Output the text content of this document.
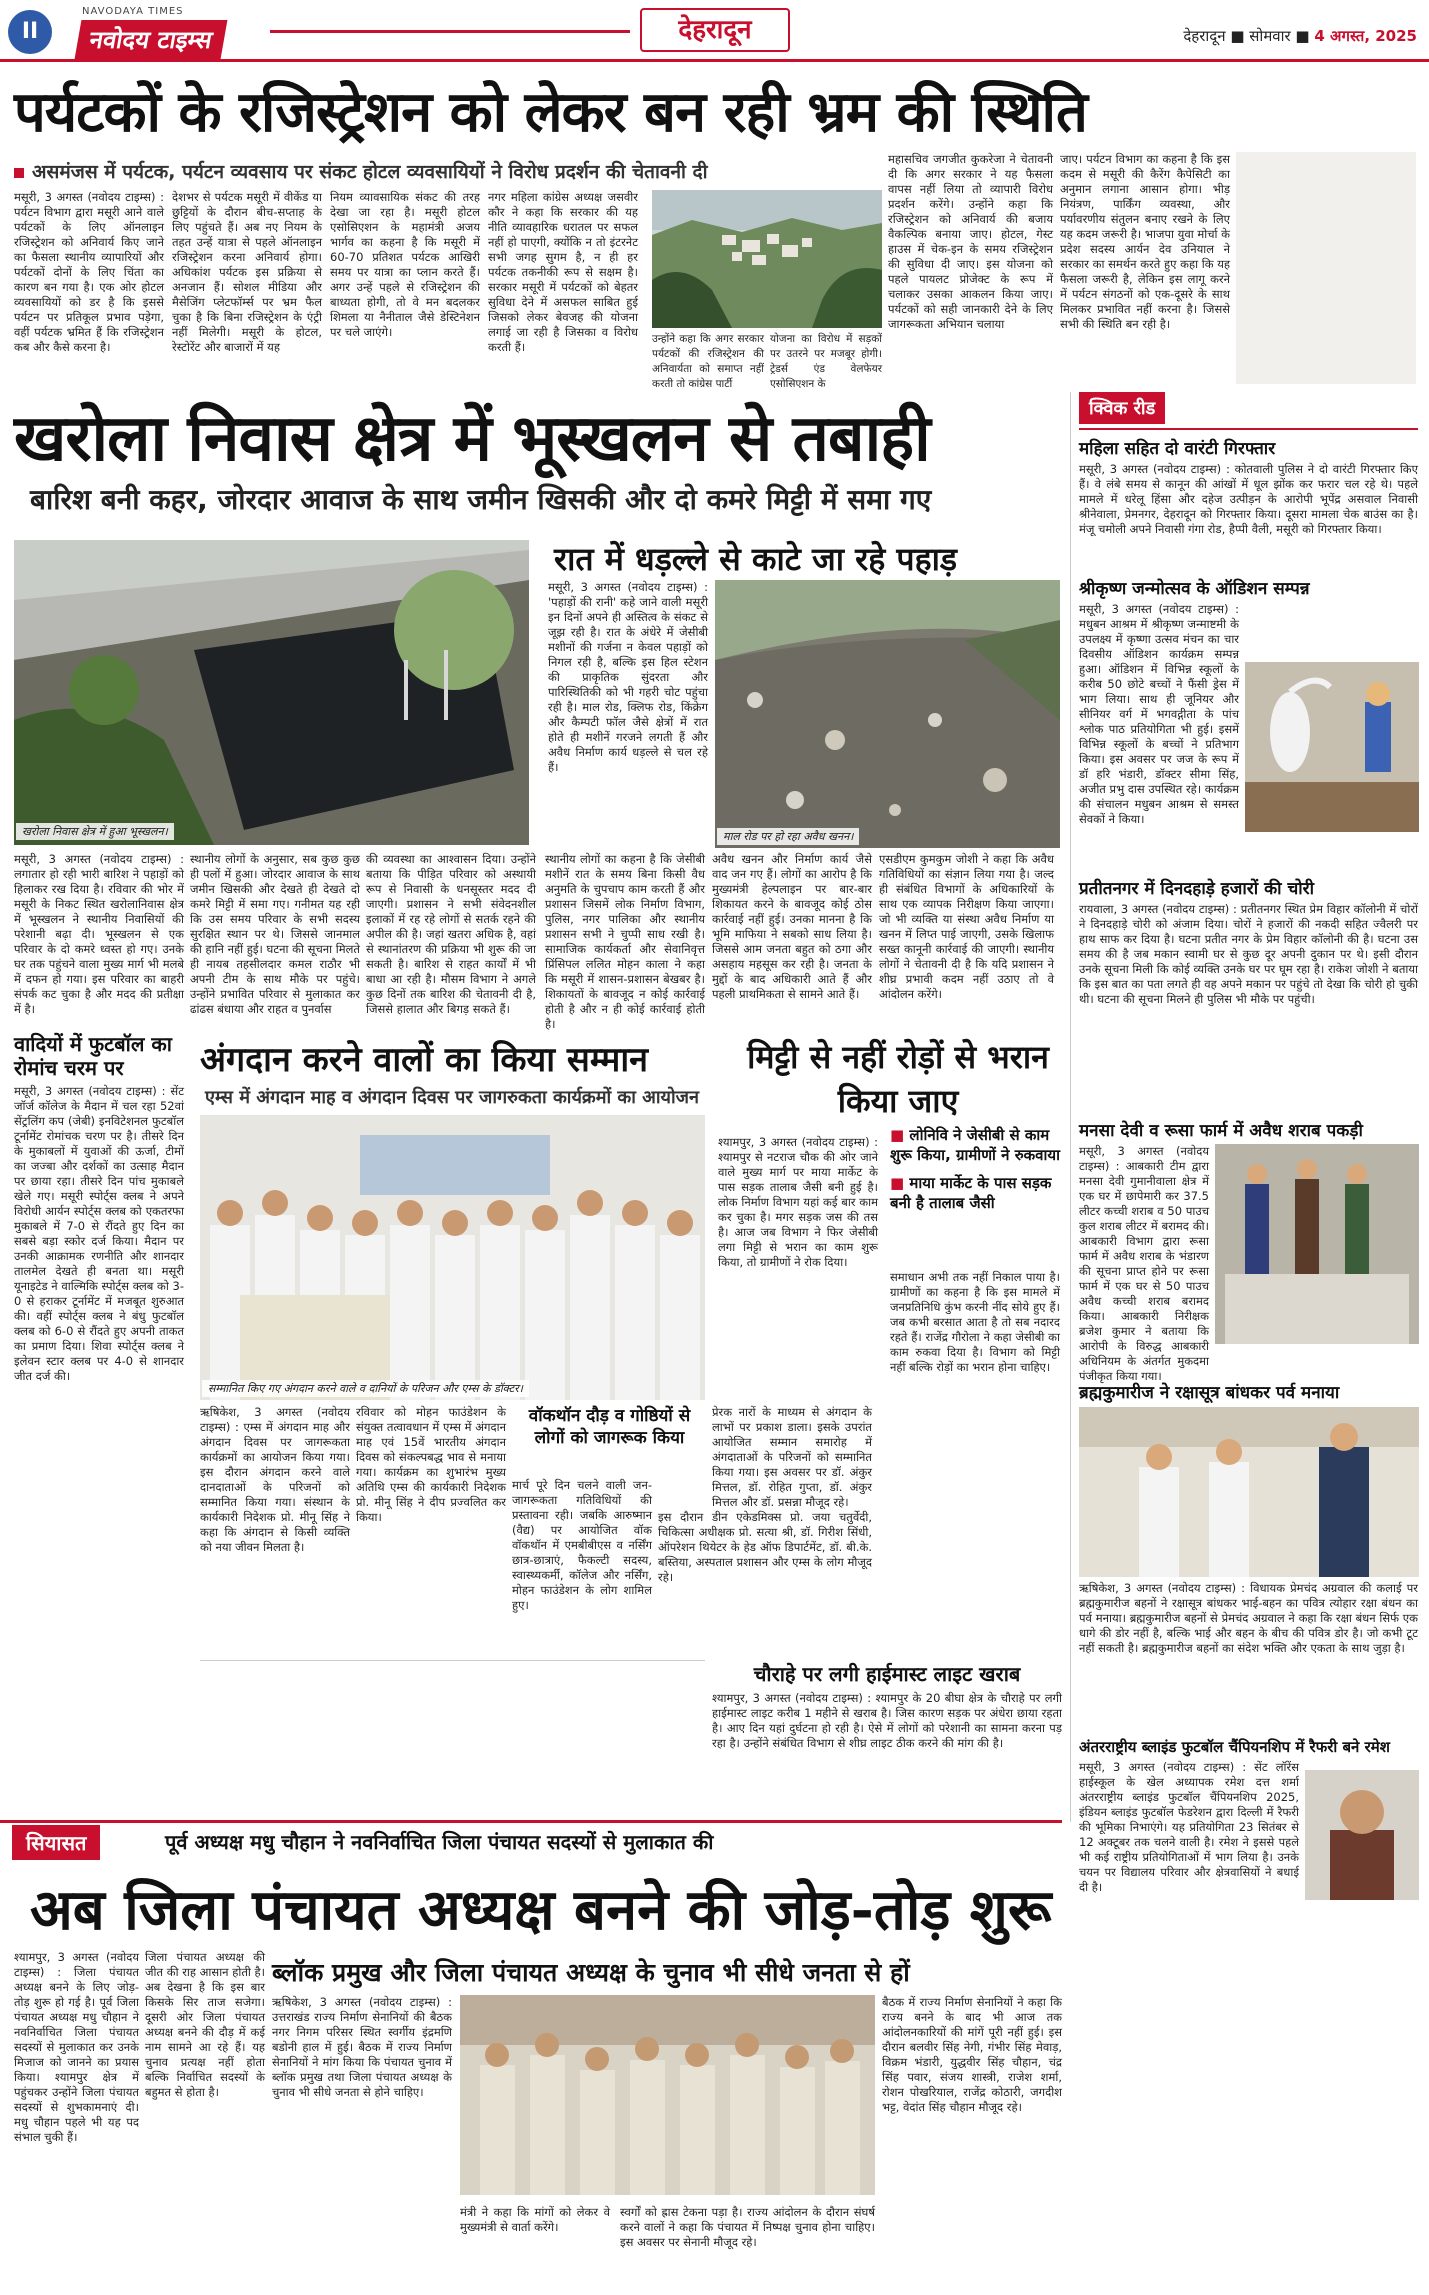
II
NAVODAYA TIMES
नवोदय टाइम्स	देहरादून	देहरादून ■ सोमवार ■ 4 अगस्त, 2025
पर्यटकों के रजिस्ट्रेशन को लेकर बन रही भ्रम की स्थिति
असमंजस में पर्यटक, पर्यटन व्यवसाय पर संकट होटल व्यवसायियों ने विरोध प्रदर्शन की चेतावनी दी
मसूरी, 3 अगस्त (नवोदय टाइम्स) : पर्यटन विभाग द्वारा मसूरी आने वाले पर्यटकों के लिए ऑनलाइन रजिस्ट्रेशन को अनिवार्य किए जाने का फैसला स्थानीय व्यापारियों और पर्यटकों दोनों के लिए चिंता का कारण बन गया है। एक ओर होटल व्यवसायियों को डर है कि इससे पर्यटन पर प्रतिकूल प्रभाव पड़ेगा, वहीं पर्यटक भ्रमित हैं कि रजिस्ट्रेशन कब और कैसे करना है।
देशभर से पर्यटक मसूरी में वीकेंड या छुट्टियों के दौरान बीच-सप्ताह के लिए पहुंचते हैं। अब नए नियम के तहत उन्हें यात्रा से पहले ऑनलाइन रजिस्ट्रेशन करना अनिवार्य होगा। अधिकांश पर्यटक इस प्रक्रिया से अनजान हैं। सोशल मीडिया और मैसेजिंग प्लेटफॉर्म्स पर भ्रम फैल चुका है कि बिना रजिस्ट्रेशन के एंट्री नहीं मिलेगी। मसूरी के होटल, रेस्टोरेंट और बाजारों में यह
नियम व्यावसायिक संकट की तरह देखा जा रहा है। मसूरी होटल एसोसिएशन के महामंत्री अजय भार्गव का कहना है कि मसूरी में 60-70 प्रतिशत पर्यटक आखिरी समय पर यात्रा का प्लान करते हैं। अगर उन्हें पहले से रजिस्ट्रेशन की बाध्यता होगी, तो वे मन बदलकर शिमला या नैनीताल जैसे डेस्टिनेशन पर चले जाएंगे।
नगर महिला कांग्रेस अध्यक्ष जसवीर कौर ने कहा कि सरकार की यह नीति व्यावहारिक धरातल पर सफल नहीं हो पाएगी, क्योंकि न तो इंटरनेट सभी जगह सुगम है, न ही हर पर्यटक तकनीकी रूप से सक्षम है। सरकार मसूरी में पर्यटकों को बेहतर सुविधा देने में असफल साबित हुई जिसको लेकर बेवजह की योजना लगाई जा रही है जिसका व विरोध करती हैं।
उन्होंने कहा कि अगर सरकार पर्यटकों की रजिस्ट्रेशन की अनिवार्यता को समाप्त नहीं करती तो कांग्रेस पार्टी
योजना का विरोध में सड़कों पर उतरने पर मजबूर होगी। ट्रेडर्स एंड वेलफेयर एसोसिएशन के
महासचिव जगजीत कुकरेजा ने चेतावनी दी कि अगर सरकार ने यह फैसला वापस नहीं लिया तो व्यापारी विरोध प्रदर्शन करेंगे। उन्होंने कहा कि रजिस्ट्रेशन को अनिवार्य की बजाय वैकल्पिक बनाया जाए। होटल, गेस्ट हाउस में चेक-इन के समय रजिस्ट्रेशन की सुविधा दी जाए। इस योजना को पहले पायलट प्रोजेक्ट के रूप में चलाकर उसका आकलन किया जाए। पर्यटकों को सही जानकारी देने के लिए जागरूकता अभियान चलाया
जाए। पर्यटन विभाग का कहना है कि इस कदम से मसूरी की कैरेंग कैपेसिटी का अनुमान लगाना आसान होगा। भीड़ नियंत्रण, पार्किंग व्यवस्था, और पर्यावरणीय संतुलन बनाए रखने के लिए यह कदम जरूरी है। भाजपा युवा मोर्चा के प्रदेश सदस्य आर्यन देव उनियाल ने सरकार का समर्थन करते हुए कहा कि यह फैसला जरूरी है, लेकिन इस लागू करने में पर्यटन संगठनों को एक-दूसरे के साथ मिलकर प्रभावित नहीं करना है। जिससे सभी की स्थिति बन रही है।
खरोला निवास क्षेत्र में भूस्खलन से तबाही
बारिश बनी कहर, जोरदार आवाज के साथ जमीन खिसकी और दो कमरे मिट्टी में समा गए
खरोला निवास क्षेत्र में हुआ भूस्खलन।
रात में धड़ल्ले से काटे जा रहे पहाड़
मसूरी, 3 अगस्त (नवोदय टाइम्स) : 'पहाड़ों की रानी' कहे जाने वाली मसूरी इन दिनों अपने ही अस्तित्व के संकट से जूझ रही है। रात के अंधेरे में जेसीबी मशीनों की गर्जना न केवल पहाड़ों को निगल रही है, बल्कि इस हिल स्टेशन की प्राकृतिक सुंदरता और पारिस्थितिकी को भी गहरी चोट पहुंचा रही है। माल रोड, क्लिफ रोड, किंक्रेग और कैम्पटी फॉल जैसे क्षेत्रों में रात होते ही मशीनें गरजने लगती हैं और अवैध निर्माण कार्य धड़ल्ले से चल रहे हैं।
माल रोड पर हो रहा अवैध खनन।
मसूरी, 3 अगस्त (नवोदय टाइम्स) : लगातार हो रही भारी बारिश ने पहाड़ों को हिलाकर रख दिया है। रविवार की भोर में मसूरी के निकट स्थित खरोलानिवास क्षेत्र में भूस्खलन ने स्थानीय निवासियों की परेशानी बढ़ा दी। भूस्खलन से एक परिवार के दो कमरे ध्वस्त हो गए। उनके घर तक पहुंचने वाला मुख्य मार्ग भी मलबे में दफन हो गया। इस परिवार का बाहरी संपर्क कट चुका है और मदद की प्रतीक्षा में है।
स्थानीय लोगों के अनुसार, सब कुछ कुछ ही पलों में हुआ। जोरदार आवाज के साथ जमीन खिसकी और देखते ही देखते दो कमरे मिट्टी में समा गए। गनीमत यह रही कि उस समय परिवार के सभी सदस्य सुरक्षित स्थान पर थे। जिससे जानमाल की हानि नहीं हुई। घटना की सूचना मिलते ही नायब तहसीलदार कमल राठौर भी अपनी टीम के साथ मौके पर पहुंचे। उन्होंने प्रभावित परिवार से मुलाकात कर ढांढस बंधाया और राहत व पुनर्वास
की व्यवस्था का आश्वासन दिया। उन्होंने बताया कि पीड़ित परिवार को अस्थायी रूप से निवासी के धनसूस्तर मदद दी जाएगी। प्रशासन ने सभी संवेदनशील इलाकों में रह रहे लोगों से सतर्क रहने की अपील की है। जहां खतरा अधिक है, वहां से स्थानांतरण की प्रक्रिया भी शुरू की जा सकती है। बारिश से राहत कार्यों में भी बाधा आ रही है। मौसम विभाग ने अगले कुछ दिनों तक बारिश की चेतावनी दी है, जिससे हालात और बिगड़ सकते हैं।
स्थानीय लोगों का कहना है कि जेसीबी मशीनें रात के समय बिना किसी वैध अनुमति के चुपचाप काम करती हैं और प्रशासन जिसमें लोक निर्माण विभाग, पुलिस, नगर पालिका और स्थानीय प्रशासन सभी ने चुप्पी साध रखी है। सामाजिक कार्यकर्ता और सेवानिवृत्त प्रिंसिपल ललित मोहन काला ने कहा कि मसूरी में शासन-प्रशासन बेखबर है। शिकायतों के बावजूद न कोई कार्रवाई होती है और न ही कोई कार्रवाई होती है।
अवैध खनन और निर्माण कार्य जैसे वाद जन गए हैं। लोगों का आरोप है कि मुख्यमंत्री हेल्पलाइन पर बार-बार शिकायत करने के बावजूद कोई ठोस कार्रवाई नहीं हुई। उनका मानना है कि भूमि माफिया ने सबको साध लिया है। जिससे आम जनता बहुत को ठगा और असहाय महसूस कर रही है। जनता के मुद्दों के बाद अधिकारी आते हैं और पहली प्राथमिकता से सामने आते हैं।
एसडीएम कुमकुम जोशी ने कहा कि अवैध गतिविधियों का संज्ञान लिया गया है। जल्द ही संबंधित विभागों के अधिकारियों के साथ एक व्यापक निरीक्षण किया जाएगा। जो भी व्यक्ति या संस्था अवैध निर्माण या खनन में लिप्त पाई जाएगी, उसके खिलाफ सख्त कानूनी कार्रवाई की जाएगी। स्थानीय लोगों ने चेतावनी दी है कि यदि प्रशासन ने शीघ्र प्रभावी कदम नहीं उठाए तो वे आंदोलन करेंगे।
क्विक रीड
महिला सहित दो वारंटी गिरफ्तार
मसूरी, 3 अगस्त (नवोदय टाइम्स) : कोतवाली पुलिस ने दो वारंटी गिरफ्तार किए हैं। वे लंबे समय से कानून की आंखों में धूल झोंक कर फरार चल रहे थे। पहले मामले में धरेलू हिंसा और दहेज उत्पीड़न के आरोपी भूपेंद्र असवाल निवासी श्रीनेवाला, प्रेमनगर, देहरादून को गिरफ्तार किया। दूसरा मामला चेक बाउंस का है। मंजू चमोली अपने निवासी गंगा रोड, हैप्पी वैली, मसूरी को गिरफ्तार किया।
श्रीकृष्ण जन्मोत्सव के ऑडिशन सम्पन्न
मसूरी, 3 अगस्त (नवोदय टाइम्स) : मधुबन आश्रम में श्रीकृष्ण जन्माष्टमी के उपलक्ष्य में कृष्णा उत्सव मंचन का चार दिवसीय ऑडिशन कार्यक्रम सम्पन्न हुआ। ऑडिशन में विभिन्न स्कूलों के करीब 50 छोटे बच्चों ने फैंसी ड्रेस में भाग लिया। साथ ही जूनियर और सीनियर वर्ग में भगवद्गीता के पांच श्लोक पाठ प्रतियोगिता भी हुई। इसमें विभिन्न स्कूलों के बच्चों ने प्रतिभाग किया। इस अवसर पर जज के रूप में डॉ हरि भंडारी, डॉक्टर सीमा सिंह, अजीत प्रभु दास उपस्थित रहे। कार्यक्रम की संचालन मधुबन आश्रम से समस्त सेवकों ने किया।
प्रतीतनगर में दिनदहाड़े हजारों की चोरी
रायवाला, 3 अगस्त (नवोदय टाइम्स) : प्रतीतनगर स्थित प्रेम विहार कॉलोनी में चोरों ने दिनदहाड़े चोरी को अंजाम दिया। चोरों ने हजारों की नकदी सहित ज्वैलरी पर हाथ साफ कर दिया है। घटना प्रतीत नगर के प्रेम विहार कॉलोनी की है। घटना उस समय की है जब मकान स्वामी घर से कुछ दूर अपनी दुकान पर थे। इसी दौरान उनके सूचना मिली कि कोई व्यक्ति उनके घर पर घूम रहा है। राकेश जोशी ने बताया कि इस बात का पता लगते ही वह अपने मकान पर पहुंचे तो देखा कि चोरी हो चुकी थी। घटना की सूचना मिलने ही पुलिस भी मौके पर पहुंची।
मनसा देवी व रूसा फार्म में अवैध शराब पकड़ी
मसूरी, 3 अगस्त (नवोदय टाइम्स) : आबकारी टीम द्वारा मनसा देवी गुमानीवाला क्षेत्र में एक घर में छापेमारी कर 37.5 लीटर कच्ची शराब व 50 पाउच कुल शराब लीटर में बरामद की। आबकारी विभाग द्वारा रूसा फार्म में अवैध शराब के भंडारण की सूचना प्राप्त होने पर रूसा फार्म में एक घर से 50 पाउच अवैध कच्ची शराब बरामद किया। आबकारी निरीक्षक ब्रजेश कुमार ने बताया कि आरोपी के विरुद्ध आबकारी अधिनियम के अंतर्गत मुकदमा पंजीकृत किया गया।
ब्रह्मकुमारीज ने रक्षासूत्र बांधकर पर्व मनाया
ऋषिकेश, 3 अगस्त (नवोदय टाइम्स) : विधायक प्रेमचंद अग्रवाल की कलाई पर ब्रह्मकुमारीज बहनों ने रक्षासूत्र बांधकर भाई-बहन का पवित्र त्योहार रक्षा बंधन का पर्व मनाया। ब्रह्मकुमारीज बहनों से प्रेमचंद अग्रवाल ने कहा कि रक्षा बंधन सिर्फ एक धागे की डोर नहीं है, बल्कि भाई और बहन के बीच की पवित्र डोर है। जो कभी टूट नहीं सकती है। ब्रह्मकुमारीज बहनों का संदेश भक्ति और एकता के साथ जुड़ा है।
अंतरराष्ट्रीय ब्लाइंड फुटबॉल चैंपियनशिप में रैफरी बने रमेश
मसूरी, 3 अगस्त (नवोदय टाइम्स) : सेंट लॉरेंस हाईस्कूल के खेल अध्यापक रमेश दत्त शर्मा अंतरराष्ट्रीय ब्लाइंड फुटबॉल चैंपियनशिप 2025, इंडियन ब्लाइंड फुटबॉल फेडरेशन द्वारा दिल्ली में रैफरी की भूमिका निभाएंगे। यह प्रतियोगिता 23 सितंबर से 12 अक्टूबर तक चलने वाली है। रमेश ने इससे पहले भी कई राष्ट्रीय प्रतियोगिताओं में भाग लिया है। उनके चयन पर विद्यालय परिवार और क्षेत्रवासियों ने बधाई दी है।
वादियों में फुटबॉल का रोमांच चरम पर
मसूरी, 3 अगस्त (नवोदय टाइम्स) : सेंट जॉर्ज कॉलेज के मैदान में चल रहा 52वां सेंट्रलिंग कप (जेबी) इनविटेशनल फुटबॉल टूर्नामेंट रोमांचक चरण पर है। तीसरे दिन के मुकाबलों में युवाओं की ऊर्जा, टीमों का जज्बा और दर्शकों का उत्साह मैदान पर छाया रहा। तीसरे दिन पांच मुकाबले खेले गए। मसूरी स्पोर्ट्स क्लब ने अपने विरोधी आर्यन स्पोर्ट्स क्लब को एकतरफा मुकाबले में 7-0 से रौंदते हुए दिन का सबसे बड़ा स्कोर दर्ज किया। मैदान पर उनकी आक्रामक रणनीति और शानदार तालमेल देखते ही बनता था। मसूरी यूनाइटेड ने वाल्मिकि स्पोर्ट्स क्लब को 3-0 से हराकर टूर्नामेंट में मजबूत शुरुआत की। वहीं स्पोर्ट्स क्लब ने बंधु फुटबॉल क्लब को 6-0 से रौंदते हुए अपनी ताकत का प्रमाण दिया। शिवा स्पोर्ट्स क्लब ने इलेवन स्टार क्लब पर 4-0 से शानदार जीत दर्ज की।
अंगदान करने वालों का किया सम्मान
एम्स में अंगदान माह व अंगदान दिवस पर जागरुकता कार्यक्रमों का आयोजन
सम्मानित किए गए अंगदान करने वाले व दानियों के परिजन और एम्स के डॉक्टर।
ऋषिकेश, 3 अगस्त (नवोदय टाइम्स) : एम्स में अंगदान माह और अंगदान दिवस पर जागरूकता कार्यक्रमों का आयोजन किया गया। इस दौरान अंगदान करने वाले दानदाताओं के परिजनों को सम्मानित किया गया। संस्थान के कार्यकारी निदेशक प्रो. मीनू सिंह ने कहा कि अंगदान से किसी व्यक्ति को नया जीवन मिलता है।
रविवार को मोहन फाउंडेशन के संयुक्त तत्वावधान में एम्स में अंगदान माह एवं 15वें भारतीय अंगदान दिवस को संकल्पबद्ध भाव से मनाया गया। कार्यक्रम का शुभारंभ मुख्य अतिथि एम्स की कार्यकारी निदेशक प्रो. मीनू सिंह ने दीप प्रज्वलित कर किया।
वॉकथॉन दौड़ व गोष्ठियों से लोगों को जागरूक किया
मार्च पूरे दिन चलने वाली जन-जागरूकता गतिविधियों की प्रस्तावना रही। जबकि आरुष्मान (वैद्य) पर आयोजित वॉक वॉकथॉन में एमबीबीएस व नर्सिंग छात्र-छात्राएं, फैकल्टी सदस्य, स्वास्थ्यकर्मी, कॉलेज और नर्सिंग, मोहन फाउंडेशन के लोग शामिल हुए।
प्रेरक नारों के माध्यम से अंगदान के लाभों पर प्रकाश डाला। इसके उपरांत आयोजित सम्मान समारोह में अंगदाताओं के परिजनों को सम्मानित किया गया। इस अवसर पर डॉ. अंकुर मित्तल, डॉ. रोहित गुप्ता, डॉ. अंकुर मित्तल और डॉ. प्रसन्ना मौजूद रहे।
इस दौरान डीन एकेडमिक्स प्रो. जया चतुर्वेदी, चिकित्सा अधीक्षक प्रो. सत्या श्री, डॉ. गिरीश सिंधी, ऑपरेशन थियेटर के हेड ऑफ डिपार्टमेंट, डॉ. बी.के. बस्तिया, अस्पताल प्रशासन और एम्स के लोग मौजूद रहे।
मिट्टी से नहीं रोड़ों से भरान किया जाए
श्यामपुर, 3 अगस्त (नवोदय टाइम्स) : श्यामपुर से नटराज चौक की ओर जाने वाले मुख्य मार्ग पर माया मार्केट के पास सड़क तालाब जैसी बनी हुई है। लोक निर्माण विभाग यहां कई बार काम कर चुका है। मगर सड़क जस की तस है। आज जब विभाग ने फिर जेसीबी लगा मिट्टी से भरान का काम शुरू किया, तो ग्रामीणों ने रोक दिया।
■ लोनिवि ने जेसीबी से काम शुरू किया, ग्रामीणों ने रुकवाया
■ माया मार्केट के पास सड़क बनी है तालाब जैसी
समाधान अभी तक नहीं निकाल पाया है। ग्रामीणों का कहना है कि इस मामले में जनप्रतिनिधि कुंभ करनी नींद सोये हुए हैं। जब कभी बरसात आता है तो सब नदारद रहते हैं। राजेंद्र गौरोला ने कहा जेसीबी का काम रुकवा दिया है। विभाग को मिट्टी नहीं बल्कि रोड़ों का भरान होना चाहिए।
चौराहे पर लगी हाईमास्ट लाइट खराब
श्यामपुर, 3 अगस्त (नवोदय टाइम्स) : श्यामपुर के 20 बीघा क्षेत्र के चौराहे पर लगी हाईमास्ट लाइट करीब 1 महीने से खराब है। जिस कारण सड़क पर अंधेरा छाया रहता है। आए दिन यहां दुर्घटना हो रही है। ऐसे में लोगों को परेशानी का सामना करना पड़ रहा है। उन्होंने संबंधित विभाग से शीघ्र लाइट ठीक करने की मांग की है।
सियासत	पूर्व अध्यक्ष मधु चौहान ने नवनिर्वाचित जिला पंचायत सदस्यों से मुलाकात की
अब जिला पंचायत अध्यक्ष बनने की जोड़-तोड़ शुरू
श्यामपुर, 3 अगस्त (नवोदय टाइम्स) : जिला पंचायत अध्यक्ष बनने के लिए जोड़-तोड़ शुरू हो गई है। पूर्व जिला पंचायत अध्यक्ष मधु चौहान ने नवनिर्वाचित जिला पंचायत सदस्यों से मुलाकात कर उनके मिजाज को जानने का प्रयास किया। श्यामपुर क्षेत्र में पहुंचकर उन्होंने जिला पंचायत सदस्यों से शुभकामनाएं दी। मधु चौहान पहले भी यह पद संभाल चुकी हैं।
जिला पंचायत अध्यक्ष की जीत की राह आसान होती है। अब देखना है कि इस बार किसके सिर ताज सजेगा। दूसरी ओर जिला पंचायत अध्यक्ष बनने की दौड़ में कई नाम सामने आ रहे हैं। यह चुनाव प्रत्यक्ष नहीं होता बल्कि निर्वाचित सदस्यों के बहुमत से होता है।
ब्लॉक प्रमुख और जिला पंचायत अध्यक्ष के चुनाव भी सीधे जनता से हों
ऋषिकेश, 3 अगस्त (नवोदय टाइम्स) : उत्तराखंड राज्य निर्माण सेनानियों की बैठक नगर निगम परिसर स्थित स्वर्गीय इंद्रमणि बडोनी हाल में हुई। बैठक में राज्य निर्माण सेनानियों ने मांग किया कि पंचायत चुनाव में ब्लॉक प्रमुख तथा जिला पंचायत अध्यक्ष के चुनाव भी सीधे जनता से होने चाहिए।
मंत्री ने कहा कि मांगों को लेकर वे मुख्यमंत्री से वार्ता करेंगे।
स्वर्गों को ह्रास टेकना पड़ा है। राज्य आंदोलन के दौरान संघर्ष करने वालों ने कहा कि पंचायत में निष्पक्ष चुनाव होना चाहिए। इस अवसर पर सेनानी मौजूद रहे।
बैठक में राज्य निर्माण सेनानियों ने कहा कि राज्य बनने के बाद भी आज तक आंदोलनकारियों की मांगें पूरी नहीं हुई। इस दौरान बलवीर सिंह नेगी, गंभीर सिंह मेवाड़, विक्रम भंडारी, युद्धवीर सिंह चौहान, चंद्र सिंह पवार, संजय शास्त्री, राजेश शर्मा, रोशन पोखरियाल, राजेंद्र कोठारी, जगदीश भट्ट, वेदांत सिंह चौहान मौजूद रहे।
